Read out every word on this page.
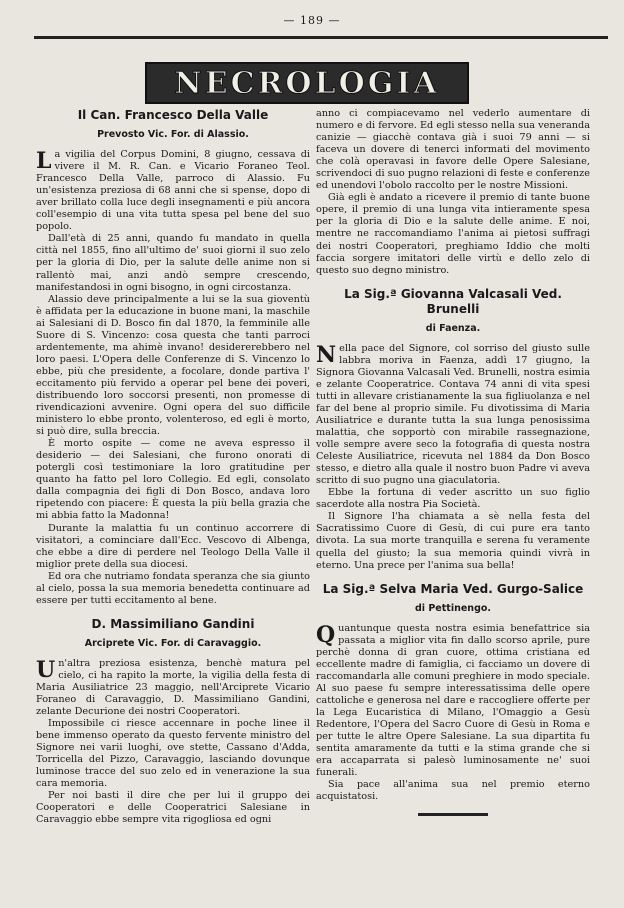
— 189 —
NECROLOGIA
Il Can. Francesco Della Valle
Prevosto Vic. For. di Alassio.

La vigilia del Corpus Domini, 8 giugno, cessava di vivere il M. R. Can. e Vicario Foraneo Teol. Francesco Della Valle, parroco di Alassio. Fu un'esistenza preziosa di 68 anni che si spense, dopo di aver brillato colla luce degli insegnamenti e più ancora coll'esempio di una vita tutta spesa pel bene del suo popolo.

Dall'età di 25 anni, quando fu mandato in quella città nel 1855, fino all'ultimo de' suoi giorni il suo zelo per la gloria di Dio, per la salute delle anime non si rallentò mai, anzi andò sempre crescendo, manifestandosi in ogni bisogno, in ogni circostanza.

Alassio deve principalmente a lui se la sua gioventù è affidata per la educazione in buone mani, la maschile ai Salesiani di D. Bosco fin dal 1870, la femminile alle Suore di S. Vincenzo: cosa questa che tanti parroci ardentemente, ma ahimè invano! desidererebbero nel loro paesi. L'Opera delle Conferenze di S. Vincenzo lo ebbe, più che presidente, a focolare, donde partiva l' eccitamento più fervido a operar pel bene dei poveri, distribuendo loro soccorsi presenti, non promesse di rivendicazioni avvenire. Ogni opera del suo difficile ministero lo ebbe pronto, volenteroso, ed egli è morto, si può dire, sulla breccia.

È morto ospite — come ne aveva espresso il desiderio — dei Salesiani, che furono onorati di potergli così testimoniare la loro gratitudine per quanto ha fatto pel loro Collegio. Ed egli, consolato dalla compagnia dei figli di Don Bosco, andava loro ripetendo con piacere: È questa la più bella grazia che mi abbia fatto la Madonna!

Durante la malattia fu un continuo accorrere di visitatori, a cominciare dall'Ecc. Vescovo di Albenga, che ebbe a dire di perdere nel Teologo Della Valle il miglior prete della sua diocesi.

Ed ora che nutriamo fondata speranza che sia giunto al cielo, possa la sua memoria benedetta continuare ad essere per tutti eccitamento al bene.

D. Massimiliano Gandini
Arciprete Vic. For. di Caravaggio.

Un'altra preziosa esistenza, benchè matura pel cielo, ci ha rapito la morte, la vigilia della festa di Maria Ausiliatrice 23 maggio, nell'Arciprete Vicario Foraneo di Caravaggio, D. Massimiliano Gandini, zelante Decurione dei nostri Cooperatori.

Impossibile ci riesce accennare in poche linee il bene immenso operato da questo fervente ministro del Signore nei varii luoghi, ove stette, Cassano d'Adda, Torricella del Pizzo, Caravaggio, lasciando dovunque luminose tracce del suo zelo ed in venerazione la sua cara memoria.

Per noi basti il dire che per lui il gruppo dei Cooperatori e delle Cooperatrici Salesiane in Caravaggio ebbe sempre vita rigogliosa ed ogni

anno ci compiacevamo nel vederlo aumentare di numero e di fervore. Ed egli stesso nella sua veneranda canizie — giacchè contava già i suoi 79 anni — si faceva un dovere di tenerci informati del movimento che colà operavasi in favore delle Opere Salesiane, scrivendoci di suo pugno relazioni di feste e conferenze ed unendovi l'obolo raccolto per le nostre Missioni.

Già egli è andato a ricevere il premio di tante buone opere, il premio di una lunga vita intieramente spesa per la gloria di Dio e la salute delle anime. E noi, mentre ne raccomandiamo l'anima ai pietosi suffragi dei nostri Cooperatori, preghiamo Iddio che molti faccia sorgere imitatori delle virtù e dello zelo di questo suo degno ministro.

La Sig.ª Giovanna Valcasali Ved. Brunelli
di Faenza.

Nella pace del Signore, col sorriso del giusto sulle labbra moriva in Faenza, addì 17 giugno, la Signora Giovanna Valcasali Ved. Brunelli, nostra esimia e zelante Cooperatrice. Contava 74 anni di vita spesi tutti in allevare cristianamente la sua figliuolanza e nel far del bene al proprio simile. Fu divotissima di Maria Ausiliatrice e durante tutta la sua lunga penosissima malattia, che sopportò con mirabile rassegnazione, volle sempre avere seco la fotografia di questa nostra Celeste Ausiliatrice, ricevuta nel 1884 da Don Bosco stesso, e dietro alla quale il nostro buon Padre vi aveva scritto di suo pugno una giaculatoria.

Ebbe la fortuna di veder ascritto un suo figlio sacerdote alla nostra Pia Società.

Il Signore l'ha chiamata a sè nella festa del Sacratissimo Cuore di Gesù, di cui pure era tanto divota. La sua morte tranquilla e serena fu veramente quella del giusto; la sua memoria quindi vivrà in eterno. Una prece per l'anima sua bella!

La Sig.ª Selva Maria Ved. Gurgo-Salice
di Pettinengo.

Quantunque questa nostra esimia benefattrice sia passata a miglior vita fin dallo scorso aprile, pure perchè donna di gran cuore, ottima cristiana ed eccellente madre di famiglia, ci facciamo un dovere di raccomandarla alle comuni preghiere in modo speciale. Al suo paese fu sempre interessatissima delle opere cattoliche e generosa nel dare e raccogliere offerte per la Lega Eucaristica di Milano, l'Omaggio a Gesù Redentore, l'Opera del Sacro Cuore di Gesù in Roma e per tutte le altre Opere Salesiane. La sua dipartita fu sentita amaramente da tutti e la stima grande che si era accaparrata si palesò luminosamente ne' suoi funerali.

Sia pace all'anima sua nel premio eterno acquistatosi.
